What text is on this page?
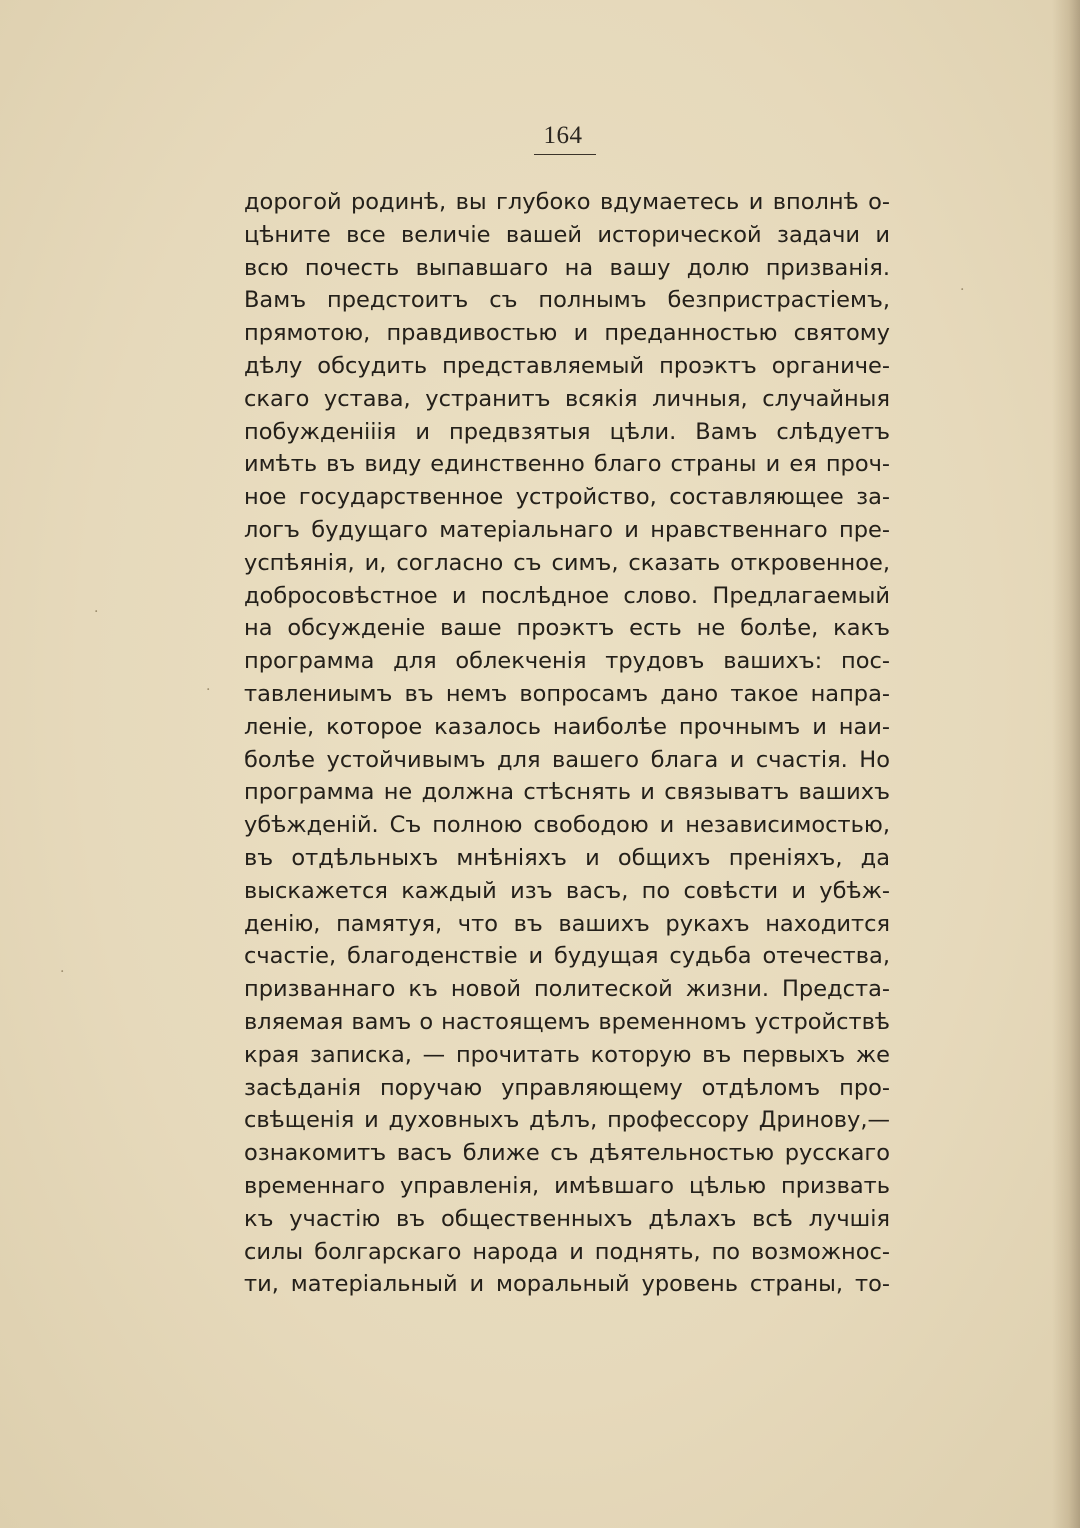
·
·
·
·
164
дорогой родинѣ, вы глубоко вдумаетесь и вполнѣ о-
цѣните все величіе вашей исторической задачи и
всю почесть выпавшаго на вашу долю призванія.
Вамъ предстоитъ съ полнымъ безпристрастіемъ,
прямотою, правдивостью и преданностью святому
дѣлу обсудить представляемый проэктъ органиче-
скаго устава, устранитъ всякія личныя, случайныя
побужденііія и предвзятыя цѣли. Вамъ слѣдуетъ
имѣть въ виду единственно благо страны и ея проч-
ное государственное устройство, составляющее за-
логъ будущаго матеріальнаго и нравственнаго пре-
успѣянія, и, согласно съ симъ, сказать откровенное,
добросовѣстное и послѣдное слово. Предлагаемый
на обсужденіе ваше проэктъ есть не болѣе, какъ
программа для облекченія трудовъ вашихъ: пос-
тавлениымъ въ немъ вопросамъ дано такое напра-
леніе, которое казалось наиболѣе прочнымъ и наи-
болѣе устойчивымъ для вашего блага и счастія. Но
программа не должна стѣснять и связыватъ вашихъ
убѣжденій. Съ полною свободою и независимостью,
въ отдѣльныхъ мнѣніяхъ и общихъ преніяхъ, да
выскажется каждый изъ васъ, по совѣсти и убѣж-
денію, памятуя, что въ вашихъ рукахъ находится
счастіе, благоденствіе и будущая судьба отечества,
призваннаго къ новой политеской жизни. Предста-
вляемая вамъ о настоящемъ временномъ устройствѣ
края записка, — прочитать которую въ первыхъ же
засѣданія поручаю управляющему отдѣломъ про-
свѣщенія и духовныхъ дѣлъ, профессору Дринову,—
ознакомитъ васъ ближе съ дѣятельностью русскаго
временнаго управленія, имѣвшаго цѣлью призвать
къ участію въ общественныхъ дѣлахъ всѣ лучшія
силы болгарскаго народа и поднять, по возможнос-
ти, матеріальный и моральный уровень страны, то-
